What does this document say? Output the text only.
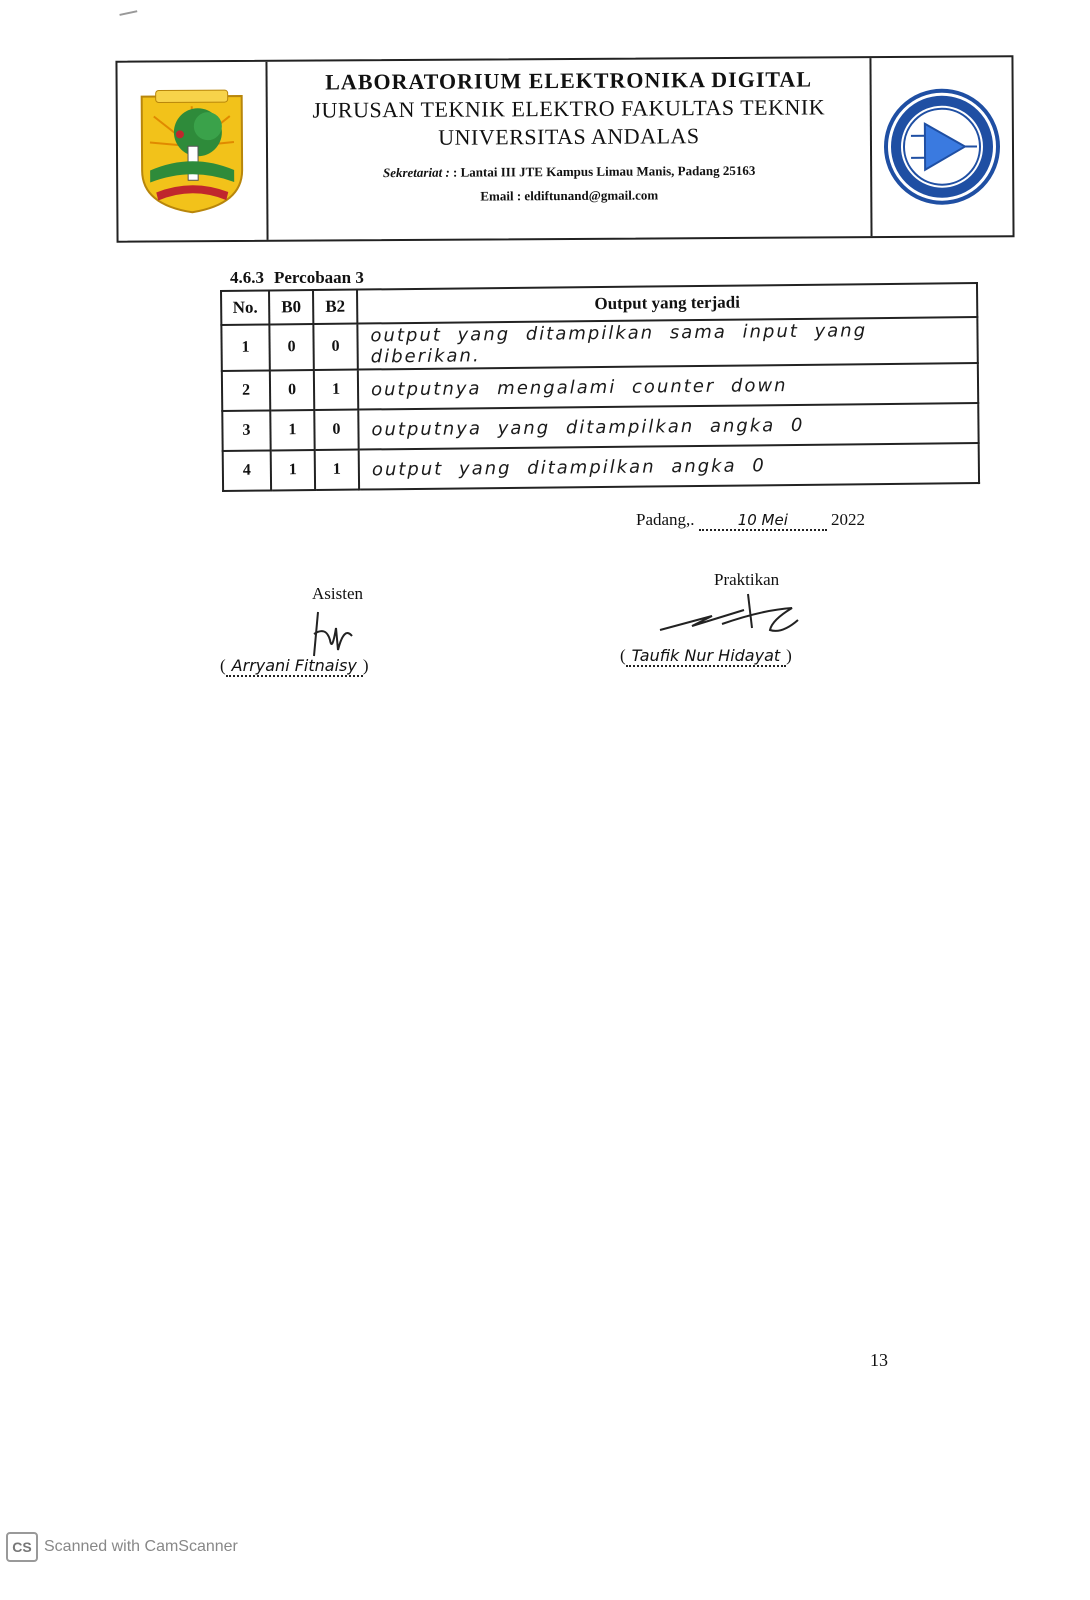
LABORATORIUM ELEKTRONIKA DIGITAL
JURUSAN TEKNIK ELEKTRO FAKULTAS TEKNIK
UNIVERSITAS ANDALAS
Sekretariat : : Lantai III JTE Kampus Limau Manis, Padang 25163
Email : eldiftunand@gmail.com
4.6.3 Percobaan 3
No.	B0	B2	Output yang terjadi
1	0	0	output yang ditampilkan sama input yang diberikan.
2	0	1	outputnya mengalami counter down
3	1	0	outputnya yang ditampilkan angka 0
4	1	1	output yang ditampilkan angka 0
Padang,.	10 Mei	2022
Asisten
( Arryani Fitnaisy )
Praktikan
( Taufik Nur Hidayat )
13
CS Scanned with CamScanner
